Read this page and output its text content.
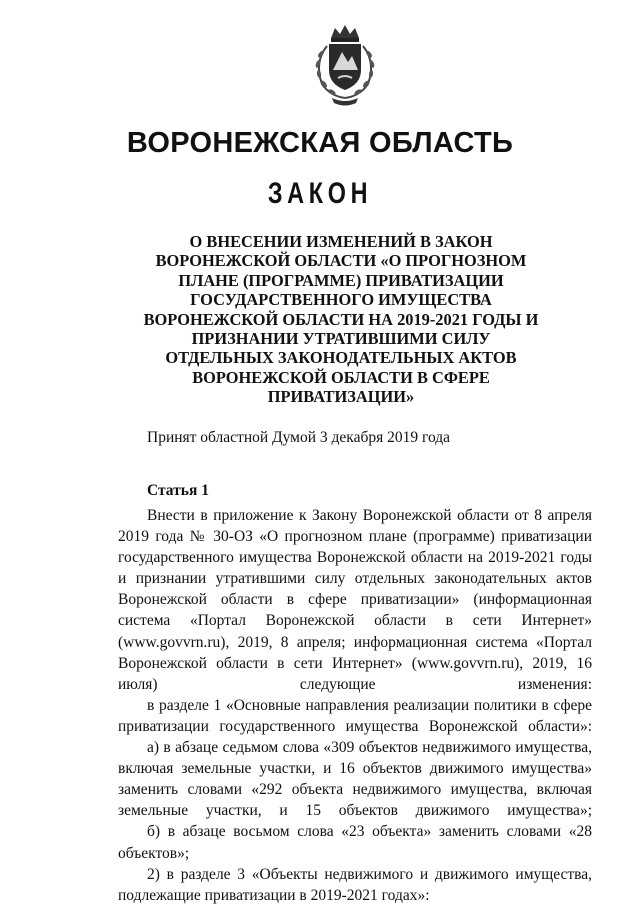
ВОРОНЕЖСКАЯ ОБЛАСТЬ
ЗАКОН
О ВНЕСЕНИИ ИЗМЕНЕНИЙ В ЗАКОН
ВОРОНЕЖСКОЙ ОБЛАСТИ «О ПРОГНОЗНОМ
ПЛАНЕ (ПРОГРАММЕ) ПРИВАТИЗАЦИИ
ГОСУДАРСТВЕННОГО ИМУЩЕСТВА
ВОРОНЕЖСКОЙ ОБЛАСТИ НА 2019-2021 ГОДЫ И
ПРИЗНАНИИ УТРАТИВШИМИ СИЛУ
ОТДЕЛЬНЫХ ЗАКОНОДАТЕЛЬНЫХ АКТОВ
ВОРОНЕЖСКОЙ ОБЛАСТИ В СФЕРЕ
ПРИВАТИЗАЦИИ»
Принят областной Думой 3 декабря 2019 года
Статья 1

Внести в приложение к Закону Воронежской области от 8 апреля 2019 года № 30-ОЗ «О прогнозном плане (программе) приватизации государственного имущества Воронежской области на 2019-2021 годы и признании утратившими силу отдельных законодательных актов Воронежской области в сфере приватизации» (информационная система «Портал Воронежской области в сети Интернет» (www.govvrn.ru), 2019, 8 апреля; информационная система «Портал Воронежской области в сети Интернет» (www.govvrn.ru), 2019, 16 июля) следующие изменения:

в разделе 1 «Основные направления реализации политики в сфере приватизации государственного имущества Воронежской области»:

а) в абзаце седьмом слова «309 объектов недвижимого имущества, включая земельные участки, и 16 объектов движимого имущества» заменить словами «292 объекта недвижимого имущества, включая земельные участки, и 15 объектов движимого имущества»;

б) в абзаце восьмом слова «23 объекта» заменить словами «28 объектов»;

2) в разделе 3 «Объекты недвижимого и движимого имущества, подлежащие приватизации в 2019-2021 годах»:
